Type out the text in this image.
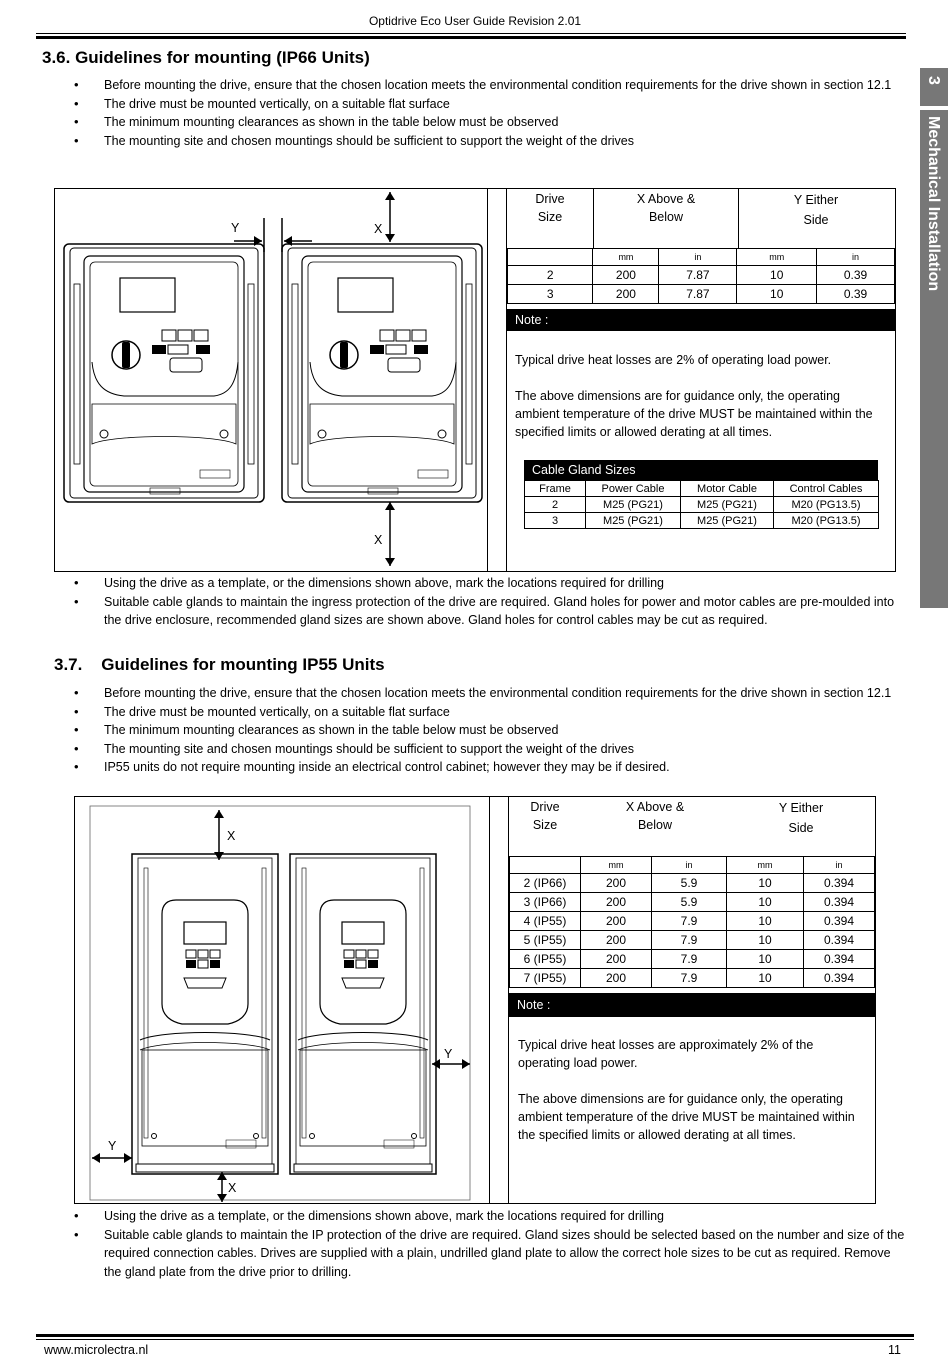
Optidrive Eco User Guide Revision 2.01
3
Mechanical Installation
3.6. Guidelines for mounting (IP66 Units)
• Before mounting the drive, ensure that the chosen location meets the environmental condition requirements for the drive shown in section 12.1
• The drive must be mounted vertically, on a suitable flat surface
• The minimum mounting clearances as shown in the table below must be observed
• The mounting site and chosen mountings should be sufficient to support the weight of the drives
Y	X
X
Drive Size
X Above & Below
Y Either Side
	mm	in	mm	in
2	200	7.87	10	0.39
3	200	7.87	10	0.39
Note :
Typical drive heat losses are 2% of operating load power.
The above dimensions are for guidance only, the operating ambient temperature of the drive MUST be maintained within the specified limits or allowed derating at all times.
Cable Gland Sizes
Frame	Power Cable	Motor Cable	Control Cables
2	M25 (PG21)	M25 (PG21)	M20 (PG13.5)
3	M25 (PG21)	M25 (PG21)	M20 (PG13.5)
• Using the drive as a template, or the dimensions shown above, mark the locations required for drilling
• Suitable cable glands to maintain the ingress protection of the drive are required. Gland holes for power and motor cables are pre-moulded into the drive enclosure, recommended gland sizes are shown above. Gland holes for control cables may be cut as required.
3.7.    Guidelines for mounting IP55 Units
• Before mounting the drive, ensure that the chosen location meets the environmental condition requirements for the drive shown in section 12.1
• The drive must be mounted vertically, on a suitable flat surface
• The minimum mounting clearances as shown in the table below must be observed
• The mounting site and chosen mountings should be sufficient to support the weight of the drives
• IP55 units do not require mounting inside an electrical control cabinet; however they may be if desired.
X
Y
Y
X
Drive Size
X Above & Below
Y Either Side
	mm	in	mm	in
2 (IP66)	200	5.9	10	0.394
3 (IP66)	200	5.9	10	0.394
4 (IP55)	200	7.9	10	0.394
5 (IP55)	200	7.9	10	0.394
6 (IP55)	200	7.9	10	0.394
7 (IP55)	200	7.9	10	0.394
Note :
Typical drive heat losses are approximately 2% of the operating load power.
The above dimensions are for guidance only, the operating ambient temperature of the drive MUST be maintained within the specified limits or allowed derating at all times.
• Using the drive as a template, or the dimensions shown above, mark the locations required for drilling
• Suitable cable glands to maintain the IP protection of the drive are required. Gland sizes should be selected based on the number and size of the required connection cables. Drives are supplied with a plain, undrilled gland plate to allow the correct hole sizes to be cut as required. Remove the gland plate from the drive prior to drilling.
www.microlectra.nl	11
